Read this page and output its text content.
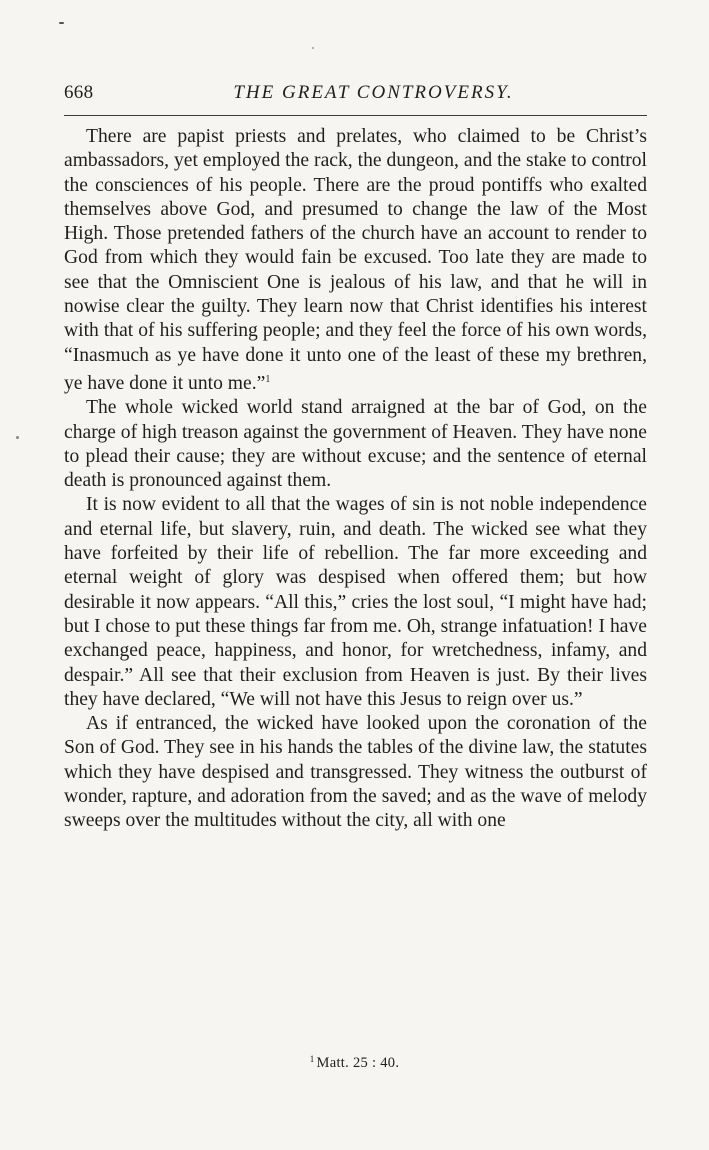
668	THE GREAT CONTROVERSY.

There are papist priests and prelates, who claimed to be Christ’s ambassadors, yet employed the rack, the dungeon, and the stake to control the consciences of his people. There are the proud pontiffs who exalted themselves above God, and presumed to change the law of the Most High. Those pretended fathers of the church have an account to render to God from which they would fain be excused. Too late they are made to see that the Omniscient One is jealous of his law, and that he will in nowise clear the guilty. They learn now that Christ identifies his interest with that of his suffering people; and they feel the force of his own words, “Inasmuch as ye have done it unto one of the least of these my brethren, ye have done it unto me.”$^1$

The whole wicked world stand arraigned at the bar of God, on the charge of high treason against the government of Heaven. They have none to plead their cause; they are without excuse; and the sentence of eternal death is pronounced against them.

It is now evident to all that the wages of sin is not noble independence and eternal life, but slavery, ruin, and death. The wicked see what they have forfeited by their life of rebellion. The far more exceeding and eternal weight of glory was despised when offered them; but how desirable it now appears. “All this,” cries the lost soul, “I might have had; but I chose to put these things far from me. Oh, strange infatuation! I have exchanged peace, happiness, and honor, for wretchedness, infamy, and despair.” All see that their exclusion from Heaven is just. By their lives they have declared, “We will not have this Jesus to reign over us.”

As if entranced, the wicked have looked upon the coronation of the Son of God. They see in his hands the tables of the divine law, the statutes which they have despised and transgressed. They witness the outburst of wonder, rapture, and adoration from the saved; and as the wave of melody sweeps over the multitudes without the city, all with one

$^1$ Matt. 25 : 40.
